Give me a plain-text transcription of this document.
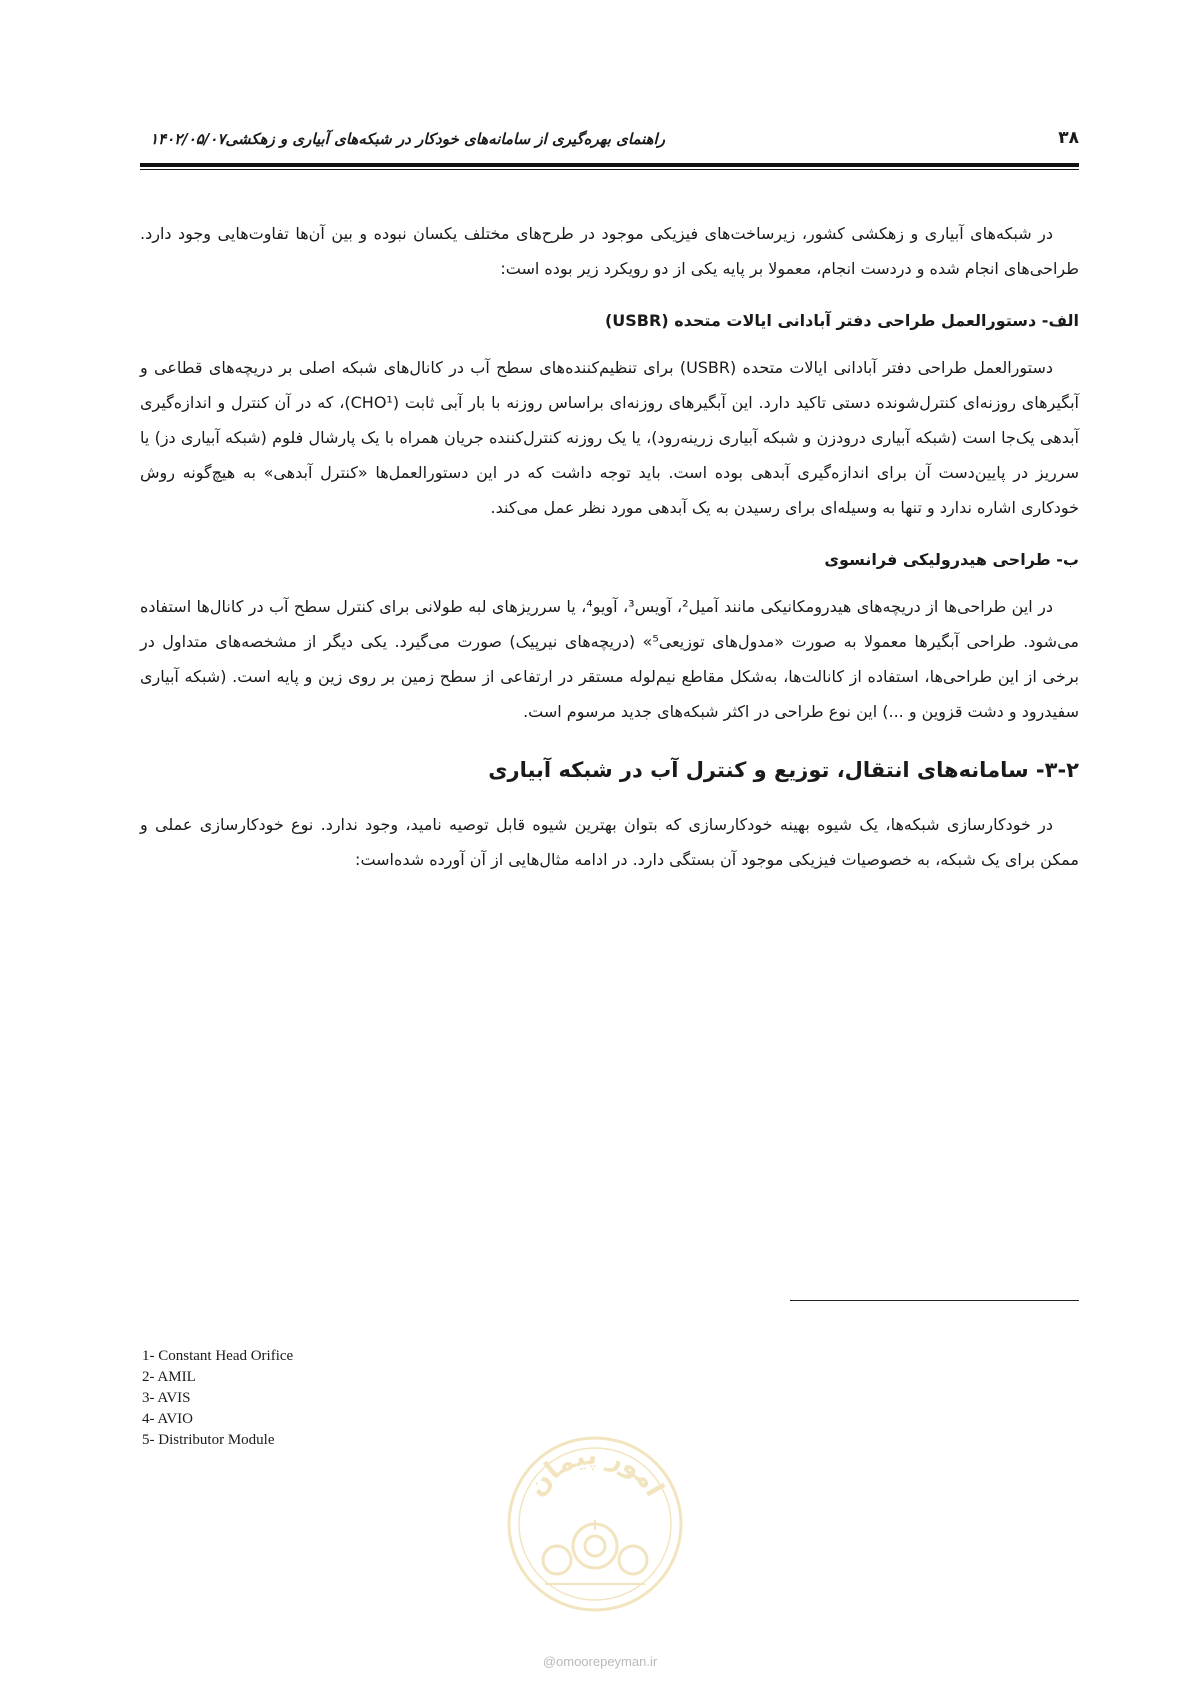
۳۸
راهنمای بهره‌گیری از سامانه‌های خودکار در شبکه‌های آبیاری و زهکشی۱۴۰۲/۰۵/۰۷

در شبکه‌های آبیاری و زهکشی کشور، زیرساخت‌های فیزیکی موجود در طرح‌های مختلف یکسان نبوده و بین آن‌ها تفاوت‌هایی وجود دارد. طراحی‌های انجام شده و دردست انجام، معمولا بر پایه یکی از دو رویکرد زیر بوده است:

الف- دستورالعمل طراحی دفتر آبادانی ایالات متحده (USBR)

دستورالعمل طراحی دفتر آبادانی ایالات متحده (USBR) برای تنظیم‌کننده‌های سطح آب در کانال‌های شبکه اصلی بر دریچه‌های قطاعی و آبگیرهای روزنه‌ای کنترل‌شونده دستی تاکید دارد. این آبگیرهای روزنه‌ای براساس روزنه با بار آبی ثابت (CHO¹)، که در آن کنترل و اندازه‌گیری آبدهی یک‌جا است (شبکه آبیاری درودزن و شبکه آبیاری زرینه‌رود)، یا یک روزنه کنترل‌کننده جریان همراه با یک پارشال فلوم (شبکه آبیاری دز) یا سرریز در پایین‌دست آن برای اندازه‌گیری آبدهی بوده است. باید توجه داشت که در این دستورالعمل‌ها «کنترل آبدهی» به هیچ‌گونه روش خودکاری اشاره ندارد و تنها به وسیله‌ای برای رسیدن به یک آبدهی مورد نظر عمل می‌کند.

ب- طراحی هیدرولیکی فرانسوی

در این طراحی‌ها از دریچه‌های هیدرومکانیکی مانند آمیل²، آویس³، آویو⁴، یا سرریزهای لبه طولانی برای کنترل سطح آب در کانال‌ها استفاده می‌شود. طراحی آبگیرها معمولا به صورت «مدول‌های توزیعی⁵» (دریچه‌های نیرپیک) صورت می‌گیرد. یکی دیگر از مشخصه‌های متداول در برخی از این طراحی‌ها، استفاده از کانالت‌ها، به‌شکل مقاطع نیم‌لوله مستقر در ارتفاعی از سطح زمین بر روی زین و پایه است. (شبکه آبیاری سفیدرود و دشت قزوین و ...) این نوع طراحی در اکثر شبکه‌های جدید مرسوم است.

۳-۲- سامانه‌های انتقال، توزیع و کنترل آب در شبکه آبیاری

در خودکارسازی شبکه‌ها، یک شیوه بهینه خودکارسازی که بتوان بهترین شیوه قابل توصیه نامید، وجود ندارد. نوع خودکارسازی عملی و ممکن برای یک شبکه، به خصوصیات فیزیکی موجود آن بستگی دارد. در ادامه مثال‌هایی از آن آورده شده‌است:

1- Constant Head Orifice
2- AMIL
3- AVIS
4- AVIO
5- Distributor Module
امور پیمان
@omoorepeyman.ir
